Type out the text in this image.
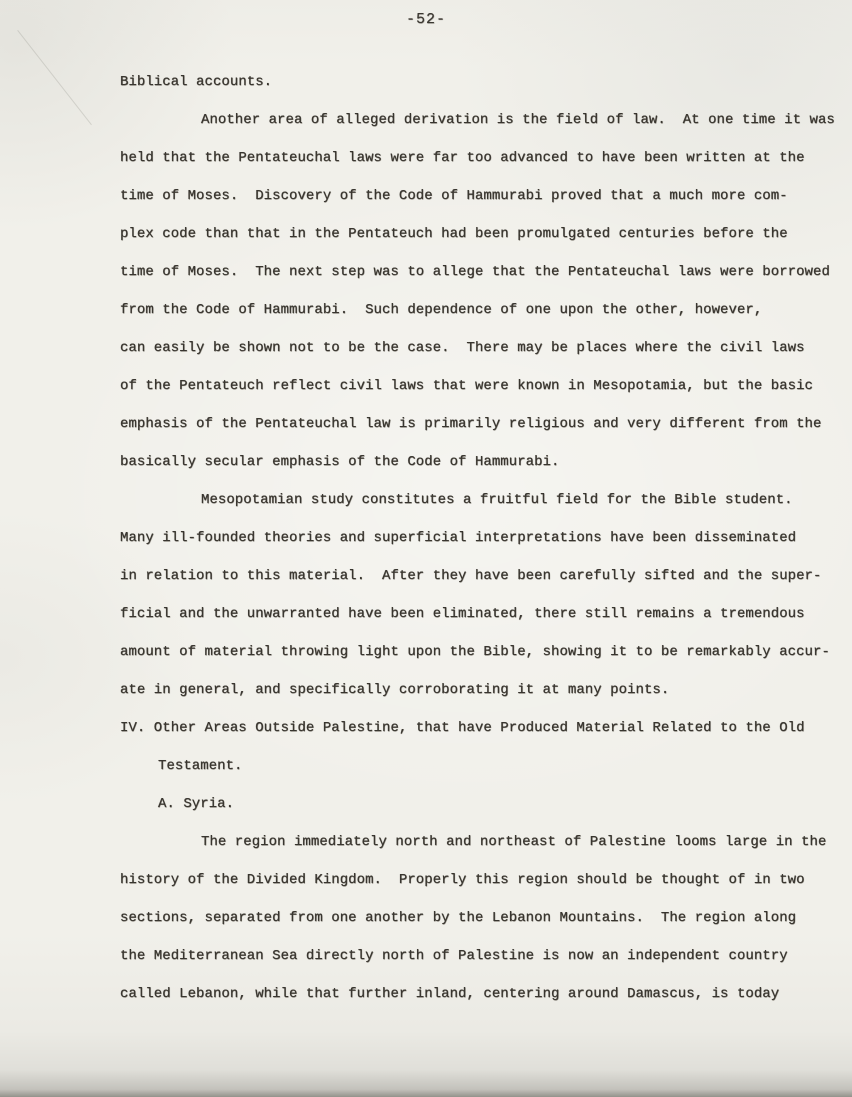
-52-
Biblical accounts.
Another area of alleged derivation is the field of law.  At one time it was
held that the Pentateuchal laws were far too advanced to have been written at the
time of Moses.  Discovery of the Code of Hammurabi proved that a much more com-
plex code than that in the Pentateuch had been promulgated centuries before the
time of Moses.  The next step was to allege that the Pentateuchal laws were borrowed
from the Code of Hammurabi.  Such dependence of one upon the other, however,
can easily be shown not to be the case.  There may be places where the civil laws
of the Pentateuch reflect civil laws that were known in Mesopotamia, but the basic
emphasis of the Pentateuchal law is primarily religious and very different from the
basically secular emphasis of the Code of Hammurabi.
Mesopotamian study constitutes a fruitful field for the Bible student.
Many ill-founded theories and superficial interpretations have been disseminated
in relation to this material.  After they have been carefully sifted and the super-
ficial and the unwarranted have been eliminated, there still remains a tremendous
amount of material throwing light upon the Bible, showing it to be remarkably accur-
ate in general, and specifically corroborating it at many points.
IV. Other Areas Outside Palestine, that have Produced Material Related to the Old
Testament.
A. Syria.
The region immediately north and northeast of Palestine looms large in the
history of the Divided Kingdom.  Properly this region should be thought of in two
sections, separated from one another by the Lebanon Mountains.  The region along
the Mediterranean Sea directly north of Palestine is now an independent country
called Lebanon, while that further inland, centering around Damascus, is today
